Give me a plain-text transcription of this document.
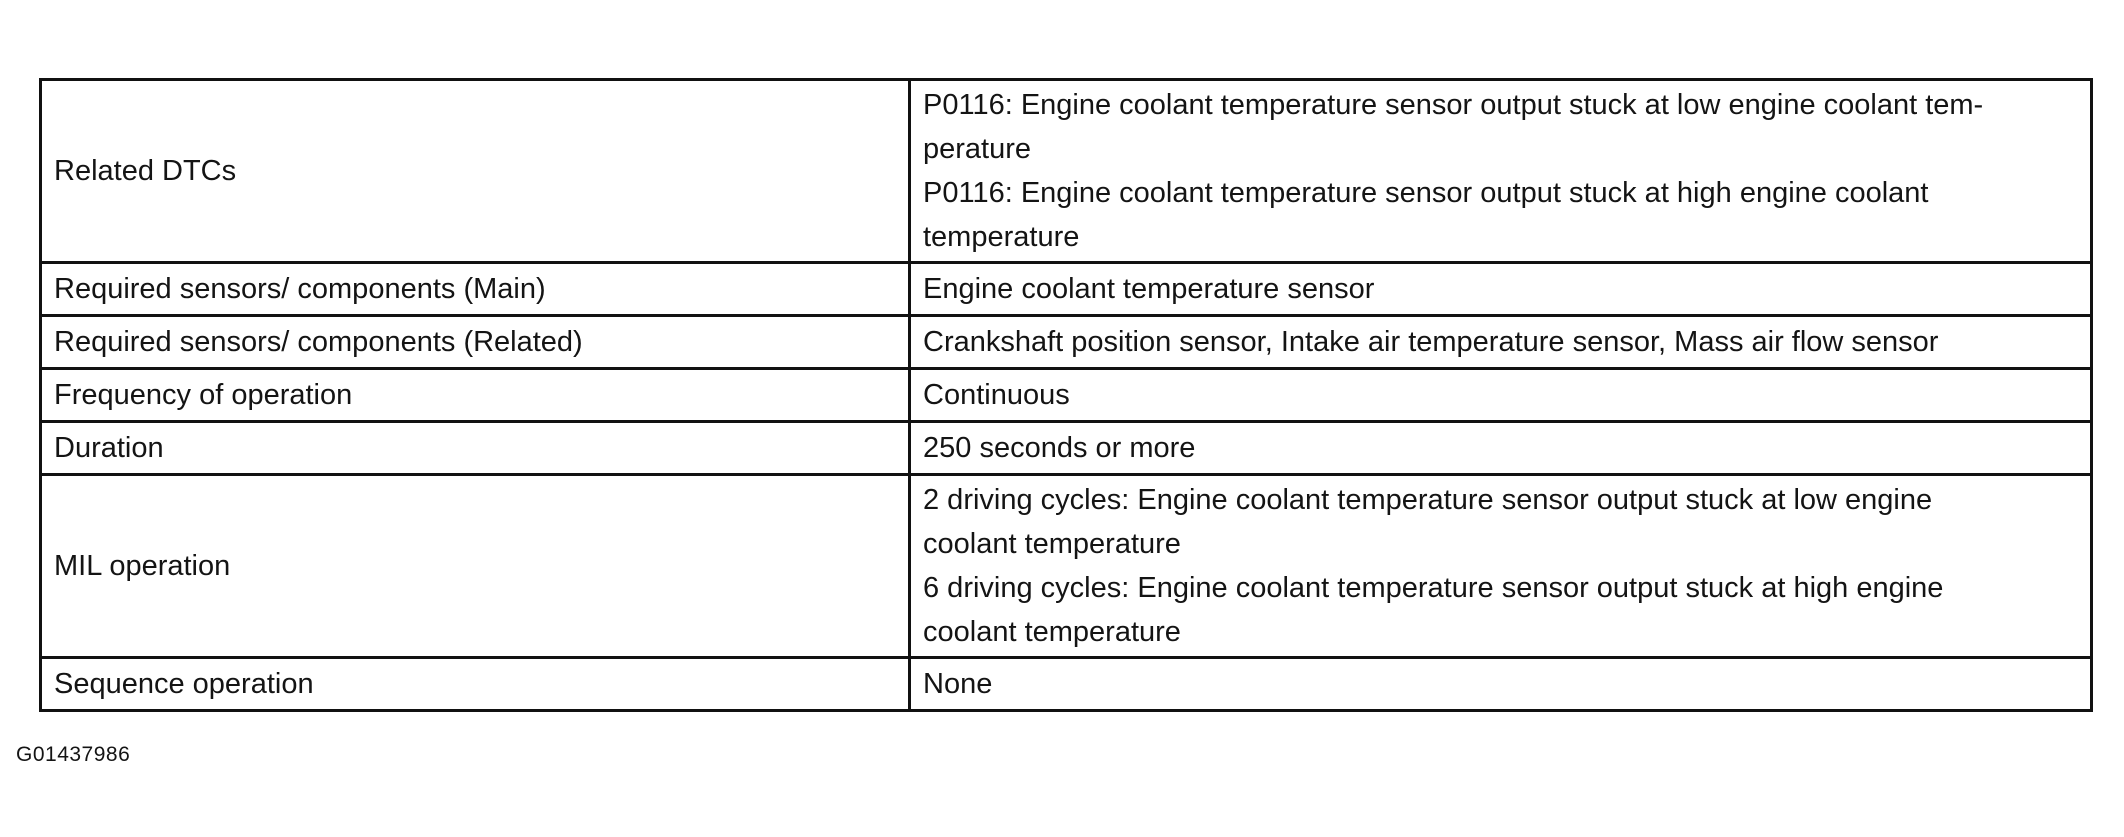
Related DTCs	P0116: Engine coolant temperature sensor output stuck at low engine coolant tem-
perature
P0116: Engine coolant temperature sensor output stuck at high engine coolant
temperature

Required sensors/ components (Main)	Engine coolant temperature sensor
Required sensors/ components (Related)	Crankshaft position sensor, Intake air temperature sensor, Mass air flow sensor
Frequency of operation	Continuous
Duration	250 seconds or more
MIL operation	2 driving cycles: Engine coolant temperature sensor output stuck at low engine
coolant temperature
6 driving cycles: Engine coolant temperature sensor output stuck at high engine
coolant temperature

Sequence operation	None
G01437986
